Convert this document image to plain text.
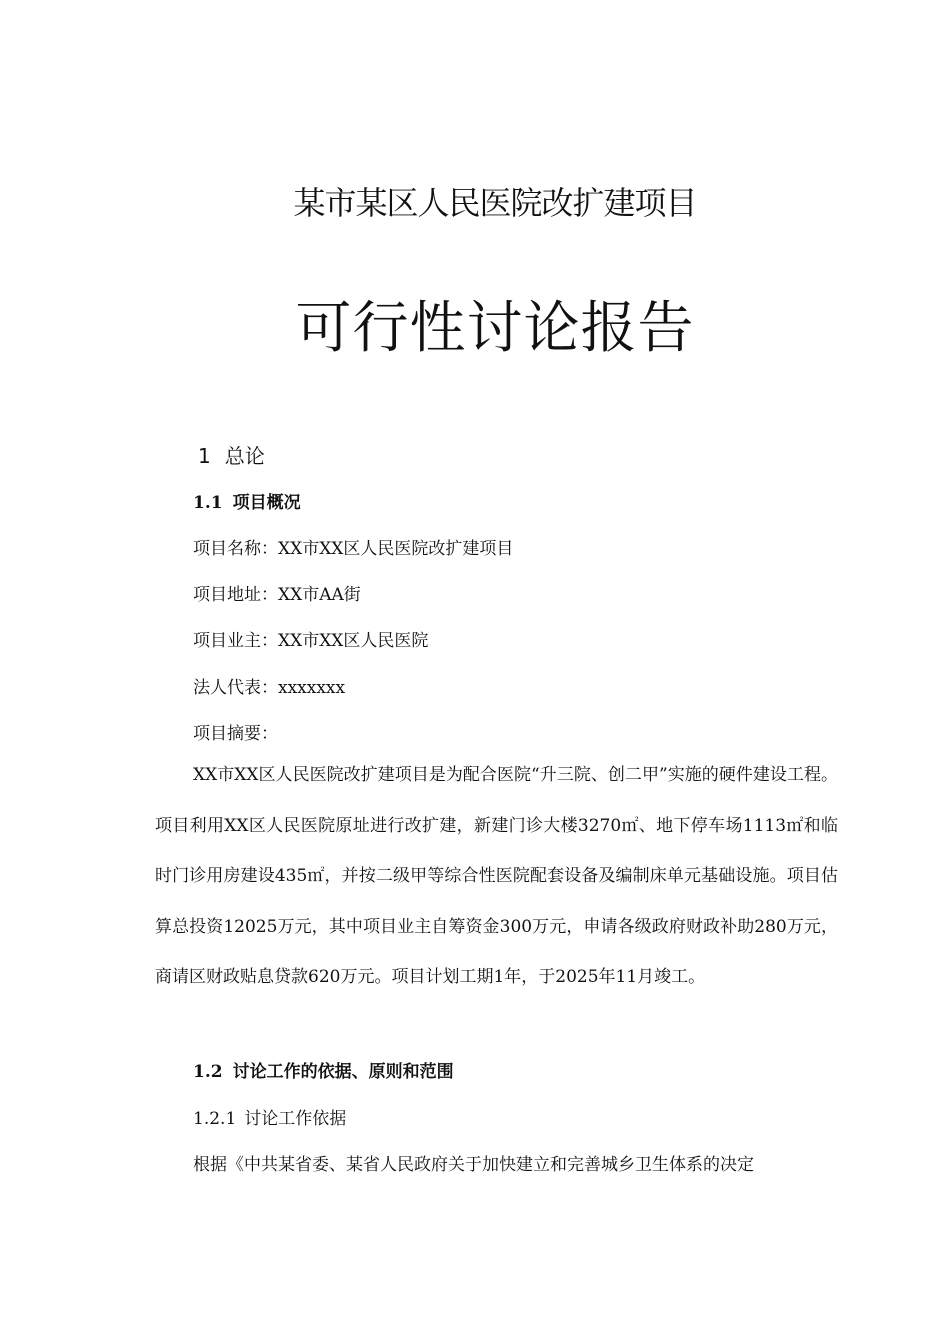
某市某区人民医院改扩建项目
可行性讨论报告
1 总论
1.1 项目概况
项目名称：XX市XX区人民医院改扩建项目
项目地址：XX市AA街
项目业主：XX市XX区人民医院
法人代表：xxxxxxx
项目摘要：
XX市XX区人民医院改扩建项目是为配合医院“升三院、创二甲”实施的硬件建设工程。项目利用XX区人民医院原址进行改扩建，新建门诊大楼3270㎡、地下停车场1113㎡和临时门诊用房建设435㎡，并按二级甲等综合性医院配套设备及编制床单元基础设施。项目估算总投资12025万元，其中项目业主自筹资金300万元，申请各级政府财政补助280万元，商请区财政贴息贷款620万元。项目计划工期1年，于2025年11月竣工。
1.2 讨论工作的依据、原则和范围
1.2.1 讨论工作依据
根据《中共某省委、某省人民政府关于加快建立和完善城乡卫生体系的决定
